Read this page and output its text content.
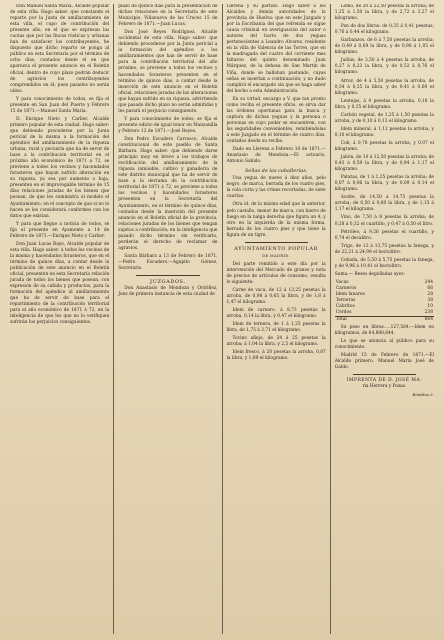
Don Manuel Santa María, Alcalde popular de esta villa. Hago saber: que constando el reparto por la Junta de amillaramiento de esta villa, el cupo de contribución del presente año, en el que se expresan las cuotas que por las fincas rústicas y urbanas han de satisfacer los contribuyentes, he dispuesto que dicho reparto se ponga al público en esta Secretaría por el término de ocho días, contados desde el en que aparezca el presente anuncio en el Boletín oficial, dentro de cuyo plazo podrán deducir de agravios los contribuyentes comprendidos en él; pues pasados no serán oídos.

Y para conocimiento de todos, se fija el presente en San Juan del Puerto y Febrero 15 de 1871.—Manuel Santa María.

D. Enrique Nieto y Carlier, Alcalde primero popular de esta ciudad. Hago saber: que debiendo procederse por la Junta pericial de la misma a la formación del apéndice del amillaramiento de la riqueza urbana, rural y pecuaria que ha de servir de base a la contribución territorial en el próximo año económico de 1871 a 72, se previene a todos los vecinos y hacendados forasteros que hayan sufrido alteración en su riqueza, ya sea por aumento o baja, presenten en el improrogable término de 15 días relaciones juradas de los bienes que posean, de que les suministra el modelo el Ayuntamiento, en el concepto de que si no lo hacen se les considerará conformes con los datos que existan.

Y para que llegue a noticia de todos, se fija el presente en Ayamonte a 14 de Febrero de 1871.—Enrique Nieto y Carlier.

Don Juan Lucas Bayo, Alcalde popular de esta villa. Hago saber: á todos los vecinos de la misma y hacendados forasteros, que en el término de quince días, a contar desde la publicación de este anuncio en el Boletín oficial, presenten en esta Secretaría relación jurada de todos los bienes que posean, con expresión de su cabida y productos, para la formación del apéndice al amillaramiento que ha de servir de base para el repartimiento de la contribución territorial para el año económico de 1871 á 72, en la inteligencia de que los que no lo verifiquen sufrirán los perjuicios consiguientes.

plazo de quince días para la presentación de dichos relaciones en la Secretaría de este Municipio. Villanueva de las Cruces 15 de Febrero de 1871.—Juan Lucas.

Don José Reyes Rodríguez, Alcalde accidental de esta villa. Hago saber: que debiendo procederse por la Junta pericial a la formación del apéndice a los amillaramientos que han de servir de base para la contribución territorial del año próximo, se previene a todos los vecinos y hacendados forasteros presenten en el término de quince días, a contar desde la inserción de este anuncio en el Boletín oficial, relaciones juradas de las alteraciones que hayan sufrido en su riqueza, advirtiendo que pasado dicho plazo no serán admitidas y les parará el perjuicio consiguiente.

Y para conocimiento de todos, se fija el presente edicto de igual tenor en Manzanilla y Febrero 12 de 1871.—José Reyes.

Don Pedro Escudero Carrasco, Alcalde constitucional de este pueblo de Santa Bárbara. Hago saber: que debiendo darse principio muy en breve a los trabajos de rectificación del amillaramiento de la riqueza inmueble, cultivo y ganadería de este distrito municipal que ha de servir de base a la derrama de la contribución territorial de 1871 á 72, se previene a todos los vecinos y hacendados forasteros presenten en la Secretaría del Ayuntamiento, en el término de quince días, contados desde la inserción del presente anuncio en el Boletín oficial de la provincia, relaciones juradas de los bienes que tengan sujetos a contribución; en la inteligencia que pasado dicho término sin verificarlo, perderán el derecho de reclamar de agravios.

Santa Bárbara a 13 de Febrero de 1871.—Pedro Escudero.—Agapito Gómez, Secretario.

JUZGADOS.

Don Anastasio de Mendoza y Ordóñez, Juez de primera instancia de esta ciudad de

Llerena y su partido. Hago saber a los Alcaldes y demás autoridades de la provincia de Huelva: que en este Juzgado y por la Escribanía del que refrenda se sigue causa criminal en averiguación del autor o autores del hurto de dos yeguas pertenecientes a Leandro Alvarez, residente en la villa de Valencia de las Torres, que en la madrugada del cuatro del corriente mes faltaron del quinto denominado Juan Márquez, de la dehesa de San Martín de Viña, donde se hallaban pastando, cuyas señas se insertan a continuación; y no dudo cumplirá el encargado sin que se haga saber del hecho a esta Administración.

En su virtud, encargo a V. que tan pronto como reciba el presente oficio, se sirva dar las órdenes oportunas para la busca y captura de dichas yeguas y la persona o personas en cuyo poder se encuentren, con las seguridades convenientes, remitiéndolas a este Juzgado en el término de cuatro días, contados desde su recibo.

Dado en Llerena a Febrero 10 de 1871.—Anastasio de Mendoza.—El actuario, Antonio Sabido.

Señas de las caballerías.

Una yegua de nueve á diez años, pelo negro, de marca, herrada de los cuatro pies, la cola corta y las crines recortadas, de siete cuartas.

Otra id. de la misma edad que la anterior, pelo castaño, menor de marca, con hierro de fuego en la nalga derecha que figura un 4, y otro en la izquierda de la misma forma, herrada de los cuatro pies y que tiene la figura de un tigre.

AYUNTAMIENTO POPULAR
DE MADRID.

Del parte remitido a este día por la intervención del Mercado de granos y nota de precios de artículos de consumo, resulta lo siguiente:

Carne de vaca, de 12 á 13,25 pesetas la arroba, de 0,98 á 0,65 la libra, y de 1,8 á 1,47 el kilogramo.

Idem de carnero, á 8,73 pesetas la arroba, 0,14 la libra, y 0,47 el kilogramo.

Idem de ternera, de 1 á 1,25 pesetas la libra, de 1,75 á 2,71 el kilogramo.

Tocino añejo, de 24 á 25 pesetas la arroba; á 1,04 la libra, y 2,5 el kilogramo.

Idem fresco, á 20 pesetas la arroba, 0,87 la libra, y 1,89 el kilogramo.

Lomo, de 20 á 22,50 pesetas la arroba; de 1,25 á 1,50 la libra, y de 2,72 á 3,27 el kilogramo.

Pan de dos libras: de 0,35 á 0,41 pesetas; 0,76 á 0,44 el kilogramo.

Garbanzos, de 6 á 7,50 pesetas la arroba; de 0,49 á 0,69 la libra, y de 0,98 á 1,05 el kilogramo.

Judías, de 3,50 á 4 pesetas la arroba, de 0,27 á 0,23 la libra, y de 0,52 á 0,76 el kilogramo.

Arroz, de 4 á 5,50 pesetas la arroba, de 0,34 á 0,35 la libra, y de 0,41 á 0,69 el kilogramo.

Lentejas, á 4 pesetas la arroba, 0,18 la libra, y 0,35 el kilogramo.

Carbón vegetal, de 1,25 á 1,50 pesetas la arroba, y de 0,10 á 0,13 el kilogramo.

Idem mineral, á 1,12 pesetas la arroba, y 0,10 el kilogramo.

Cok, á 0,78 pesetas la arroba, y 0,07 el kilogramo.

Jabón, de 10 á 12,50 pesetas la arroba; de 0,43 á 0,59 la libra, y de 0,94 á 1,17 el kilogramo.

Patatas, de 1 á 1,25 pesetas la arroba; de 0,07 á 0,06 la libra, y de 0,09 á 0,14 el kilogramo.

Aceite, de 14,50 á 14,75 pesetas la arroba; de 0,50 á 0,60 la libra, y de 1,15 á 1,17 el kilogramo.

Vino, de 7,50 á 8 pesetas la arroba; de 0,28 á 0,32 el cuartillo, y 0,47 á 0,50 el litro.

Petróleo, á 9,26 pesetas el cuartillo, y 0,74 el decalitro.

Trigo, de 13 á 13,75 pesetas la fanega, y de 22,21 á 24,99 el hectolitro.

Cebada, de 5,50 á 5,75 pesetas la fanega, y de 9,96 á 10,41 el hectolitro.

Suma.— Reses degolladas ayer:

Vacas	244
Carneros	66
Idem lanares	28
Terneras	38
Cabritos	10
Cerdos	238
Total	664

Su peso en libras.....127,584.—Idem en kilogramos, de 64,888,644.

Lo que se anuncia al público para su conocimiento.

Madrid 15 de Febrero de 1871.—El Alcalde primero, Manuel María José de Galdo.

IMPRENTA DE D. JOSÉ MA-
ria Herrera y Pozas.
Bóntilas 5.
